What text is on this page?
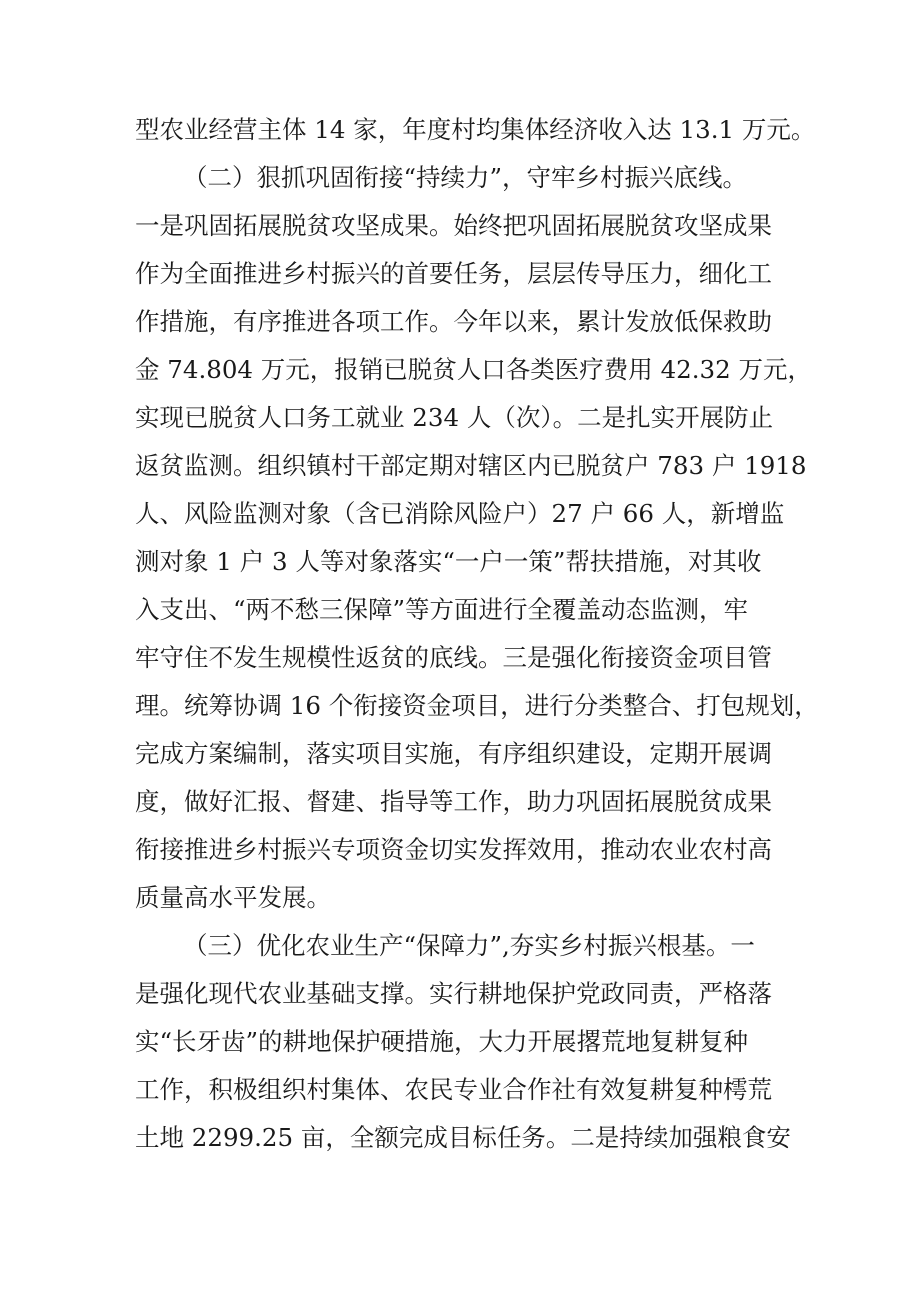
型农业经营主体 14 家，年度村均集体经济收入达 13.1 万元。
（二）狠抓巩固衔接“持续力”，守牢乡村振兴底线。
一是巩固拓展脱贫攻坚成果。始终把巩固拓展脱贫攻坚成果
作为全面推进乡村振兴的首要任务，层层传导压力，细化工
作措施，有序推进各项工作。今年以来，累计发放低保救助
金 74.804 万元，报销已脱贫人口各类医疗费用 42.32 万元，
实现已脱贫人口务工就业 234 人（次）。二是扎实开展防止
返贫监测。组织镇村干部定期对辖区内已脱贫户 783 户 1918
人、风险监测对象（含已消除风险户）27 户 66 人，新增监
测对象 1 户 3 人等对象落实“一户一策”帮扶措施，对其收
入支出、“两不愁三保障”等方面进行全覆盖动态监测，牢
牢守住不发生规模性返贫的底线。三是强化衔接资金项目管
理。统筹协调 16 个衔接资金项目，进行分类整合、打包规划，
完成方案编制，落实项目实施，有序组织建设，定期开展调
度，做好汇报、督建、指导等工作，助力巩固拓展脱贫成果
衔接推进乡村振兴专项资金切实发挥效用，推动农业农村高
质量高水平发展。
（三）优化农业生产“保障力”,夯实乡村振兴根基。一
是强化现代农业基础支撑。实行耕地保护党政同责，严格落
实“长牙齿”的耕地保护硬措施，大力开展撂荒地复耕复种
工作，积极组织村集体、农民专业合作社有效复耕复种樗荒
土地 2299.25 亩，全额完成目标任务。二是持续加强粮食安
